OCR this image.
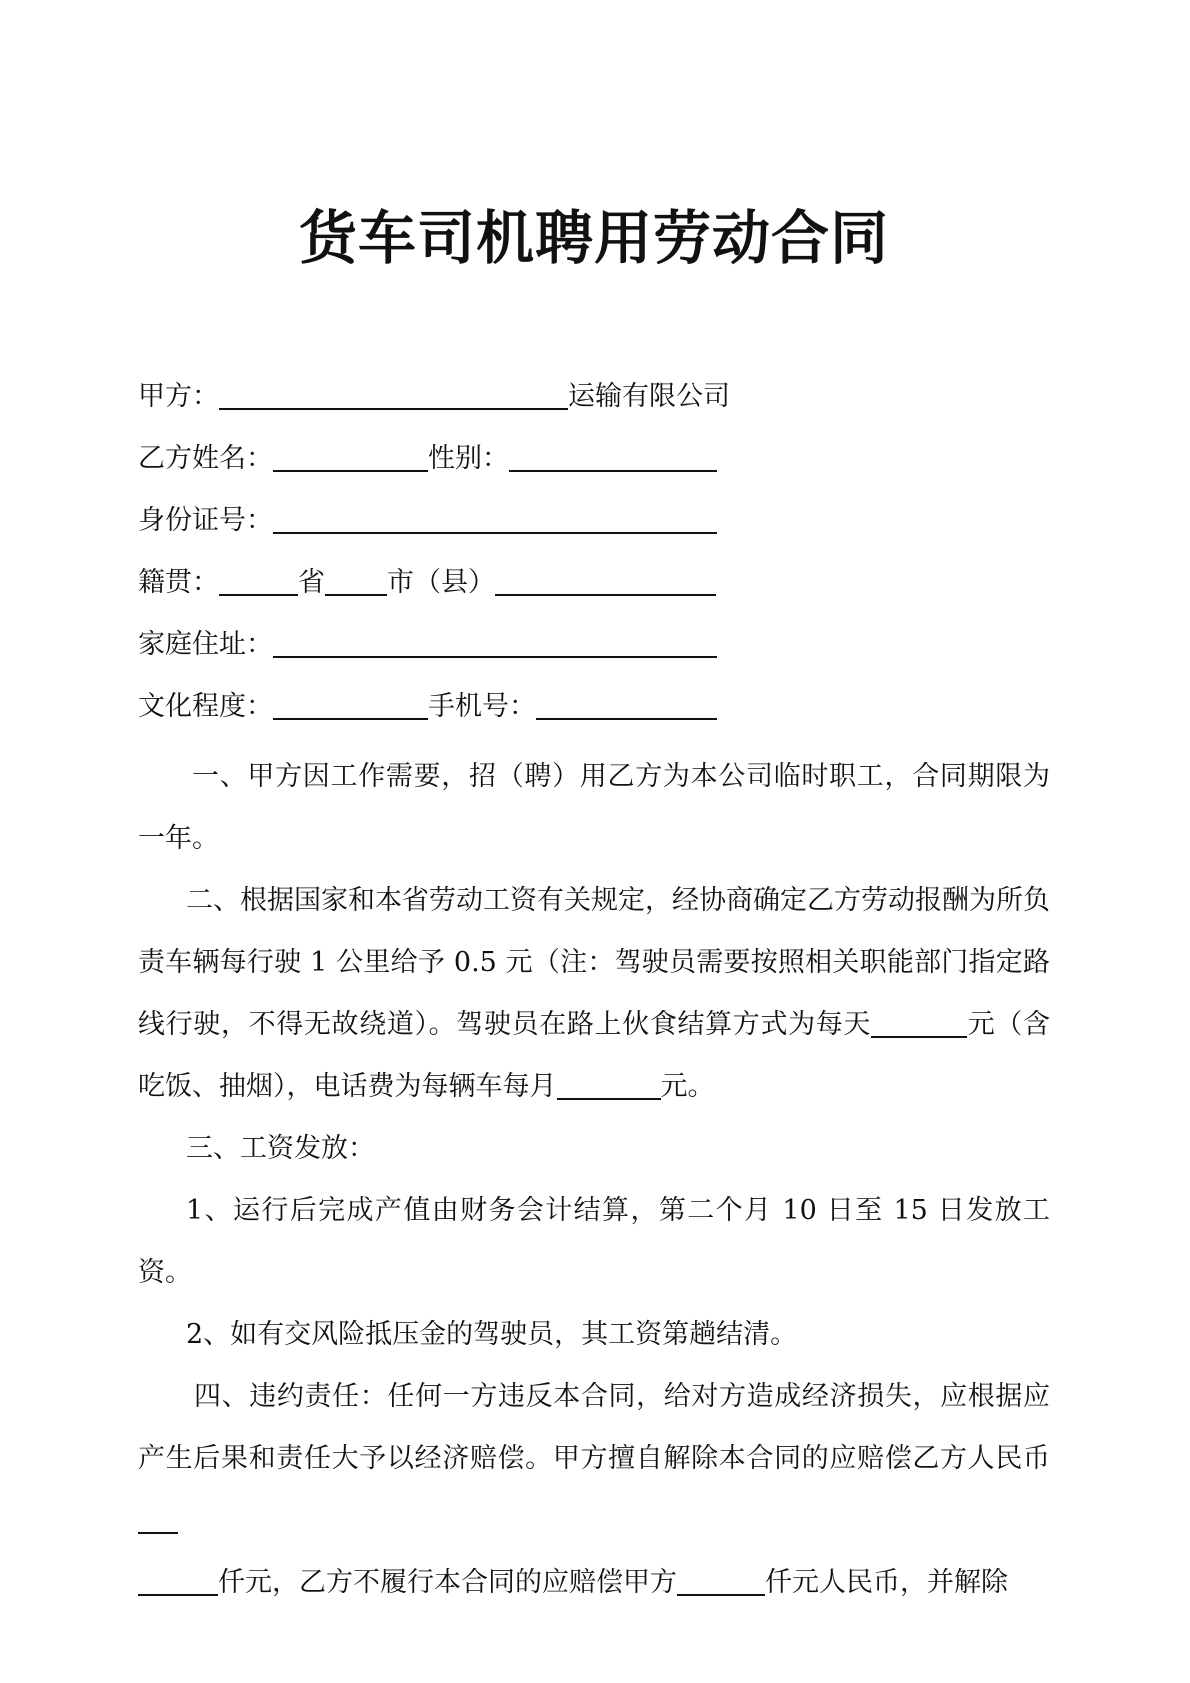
货车司机聘用劳动合同
甲方：	运输有限公司
乙方姓名：	性别：
身份证号：
籍贯：	省 市（县）
家庭住址：
文化程度：	手机号：

一、甲方因工作需要，招（聘）用乙方为本公司临时职工，合同期限为一年。

二、根据国家和本省劳动工资有关规定，经协商确定乙方劳动报酬为所负责车辆每行驶 1 公里给予 0.5 元（注：驾驶员需要按照相关职能部门指定路线行驶，不得无故绕道）。驾驶员在路上伙食结算方式为每天	元（含吃饭、抽烟），电话费为每辆车每月	元。

三、工资发放：

1、运行后完成产值由财务会计结算，第二个月 10 日至 15 日发放工资。

2、如有交风险抵压金的驾驶员，其工资第趟结清。

四、违约责任：任何一方违反本合同，给对方造成经济损失，应根据应产生后果和责任大予以经济赔偿。甲方擅自解除本合同的应赔偿乙方人民币

仟元，乙方不履行本合同的应赔偿甲方	仟元人民币，并解除
